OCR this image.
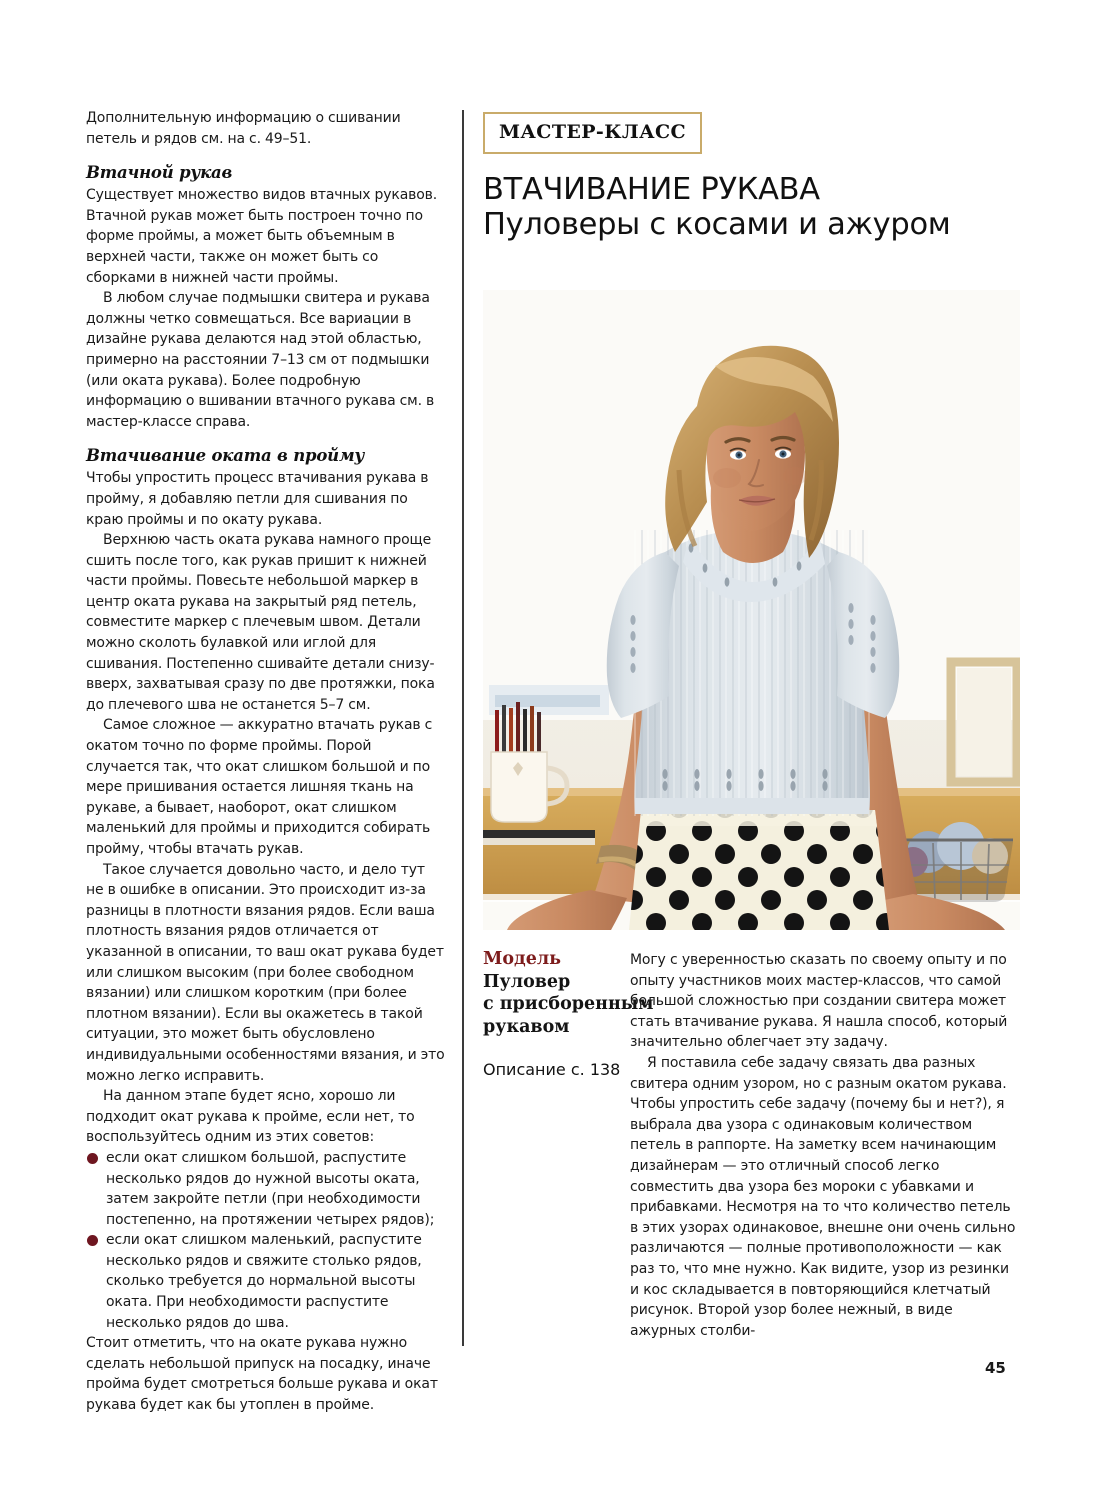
Дополнительную информацию о сшивании петель и рядов см. на с. 49–51.

Втачной рукав

Существует множество видов втачных рукавов. Втачной рукав может быть построен точно по форме проймы, а может быть объемным в верхней части, также он может быть со сборками в нижней части проймы.

В любом случае подмышки свитера и рукава должны четко совмещаться. Все вариации в дизайне рукава делаются над этой областью, примерно на расстоянии 7–13 см от подмышки (или оката рукава). Более подробную информацию о вшивании втачного рукава см. в мастер-классе справа.

Втачивание оката в пройму

Чтобы упростить процесс втачивания рукава в пройму, я добавляю петли для сшивания по краю проймы и по окату рукава.

Верхнюю часть оката рукава намного проще сшить после того, как рукав пришит к нижней части проймы. Повесьте небольшой маркер в центр оката рукава на закрытый ряд петель, совместите маркер с плечевым швом. Детали можно сколоть булавкой или иглой для сшивания. Постепенно сшивайте детали снизу-вверх, захватывая сразу по две протяжки, пока до плечевого шва не останется 5–7 см.

Самое сложное — аккуратно втачать рукав с окатом точно по форме проймы. Порой случается так, что окат слишком большой и по мере пришивания остается лишняя ткань на рукаве, а бывает, наоборот, окат слишком маленький для проймы и приходится собирать пройму, чтобы втачать рукав.

Такое случается довольно часто, и дело тут не в ошибке в описании. Это происходит из-за разницы в плотности вязания рядов. Если ваша плотность вязания рядов отличается от указанной в описании, то ваш окат рукава будет или слишком высоким (при более свободном вязании) или слишком коротким (при более плотном вязании). Если вы окажетесь в такой ситуации, это может быть обусловлено индивидуальными особенностями вязания, и это можно легко исправить.

На данном этапе будет ясно, хорошо ли подходит окат рукава к пройме, если нет, то воспользуйтесь одним из этих советов:

если окат слишком большой, распустите несколько рядов до нужной высоты оката, затем закройте петли (при необходимости постепенно, на протяжении четырех рядов);
если окат слишком маленький, распустите несколько рядов и свяжите столько рядов, сколько требуется до нормальной высоты оката. При необходимости распустите несколько рядов до шва.

Стоит отметить, что на окате рукава нужно сделать небольшой припуск на посадку, иначе пройма будет смотреться больше рукава и окат рукава будет как бы утоплен в пройме.

МАСТЕР-КЛАСС
ВТАЧИВАНИЕ РУКАВА
Пуловеры с косами и ажуром

Модель

Пуловер

с присборенным

рукавом

Описание с. 138

Могу с уверенностью сказать по своему опыту и по опыту участников моих мастер-классов, что самой большой сложностью при создании свитера может стать втачивание рукава. Я нашла способ, который значительно облегчает эту задачу.

Я поставила себе задачу связать два разных свитера одним узором, но с разным окатом рукава. Чтобы упростить себе задачу (почему бы и нет?), я выбрала два узора с одинаковым количеством петель в раппорте. На заметку всем начинающим дизайнерам — это отличный способ легко совместить два узора без мороки с убавками и прибавками. Несмотря на то что количество петель в этих узорах одинаковое, внешне они очень сильно различаются — полные противоположности — как раз то, что мне нужно. Как видите, узор из резинки и кос складывается в повторяющийся клетчатый рисунок. Второй узор более нежный, в виде ажурных столби-

45
